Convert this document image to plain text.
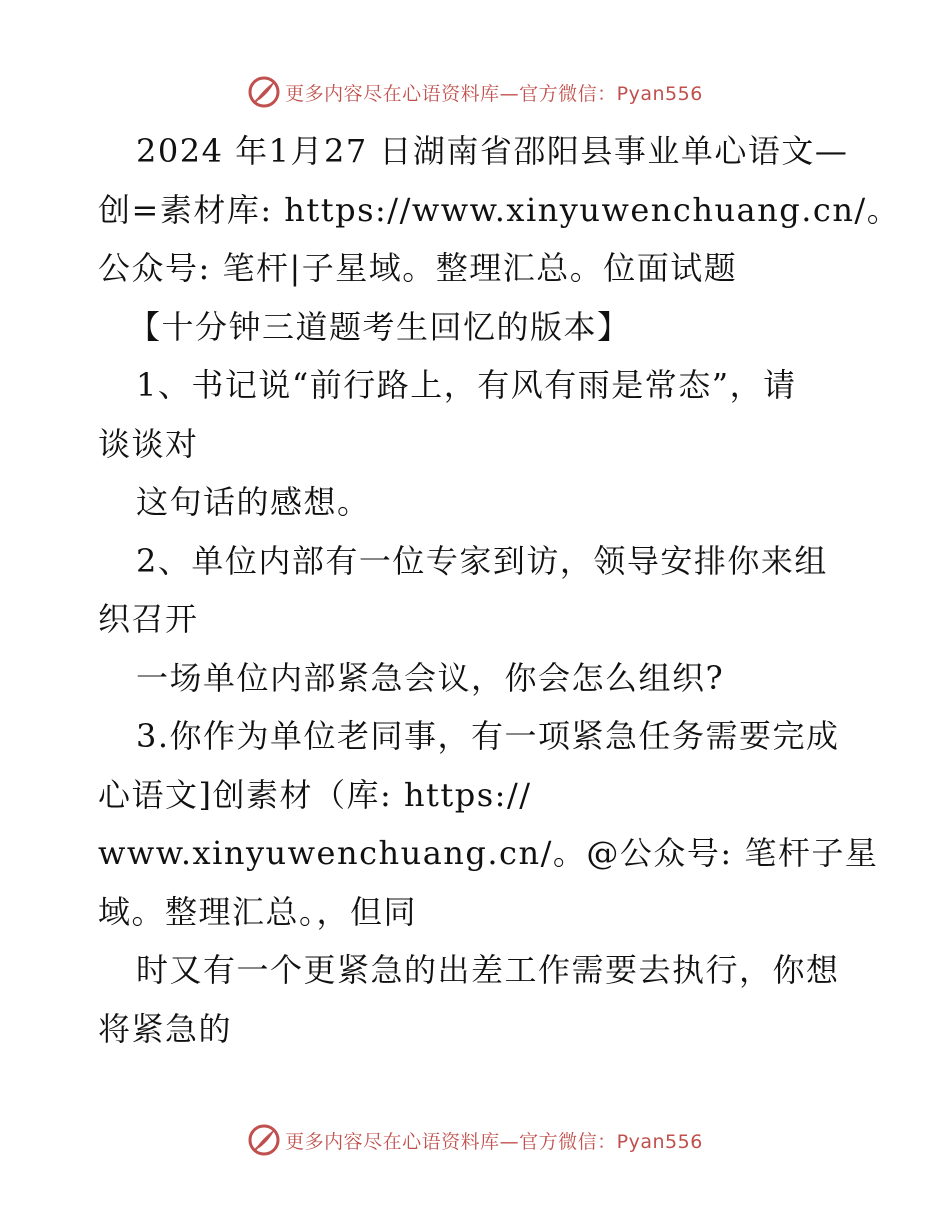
更多内容尽在心语资料库—官方微信：Pyan556
2024 年1月27 日湖南省邵阳县事业单心语文—
创=素材库: https://www.xinyuwenchuang.cn/。
公众号: 笔杆|子星域。整理汇总。位面试题
【十分钟三道题考生回忆的版本】
1、书记说“前行路上，有风有雨是常态”，请
谈谈对
这句话的感想。
2、单位内部有一位专家到访，领导安排你来组
织召开
一场单位内部紧急会议，你会怎么组织?
3.你作为单位老同事，有一项紧急任务需要完成
心语文]创素材（库: https://
www.xinyuwenchuang.cn/。@公众号: 笔杆子星
域。整理汇总。，但同
时又有一个更紧急的出差工作需要去执行，你想
将紧急的
更多内容尽在心语资料库—官方微信：Pyan556
